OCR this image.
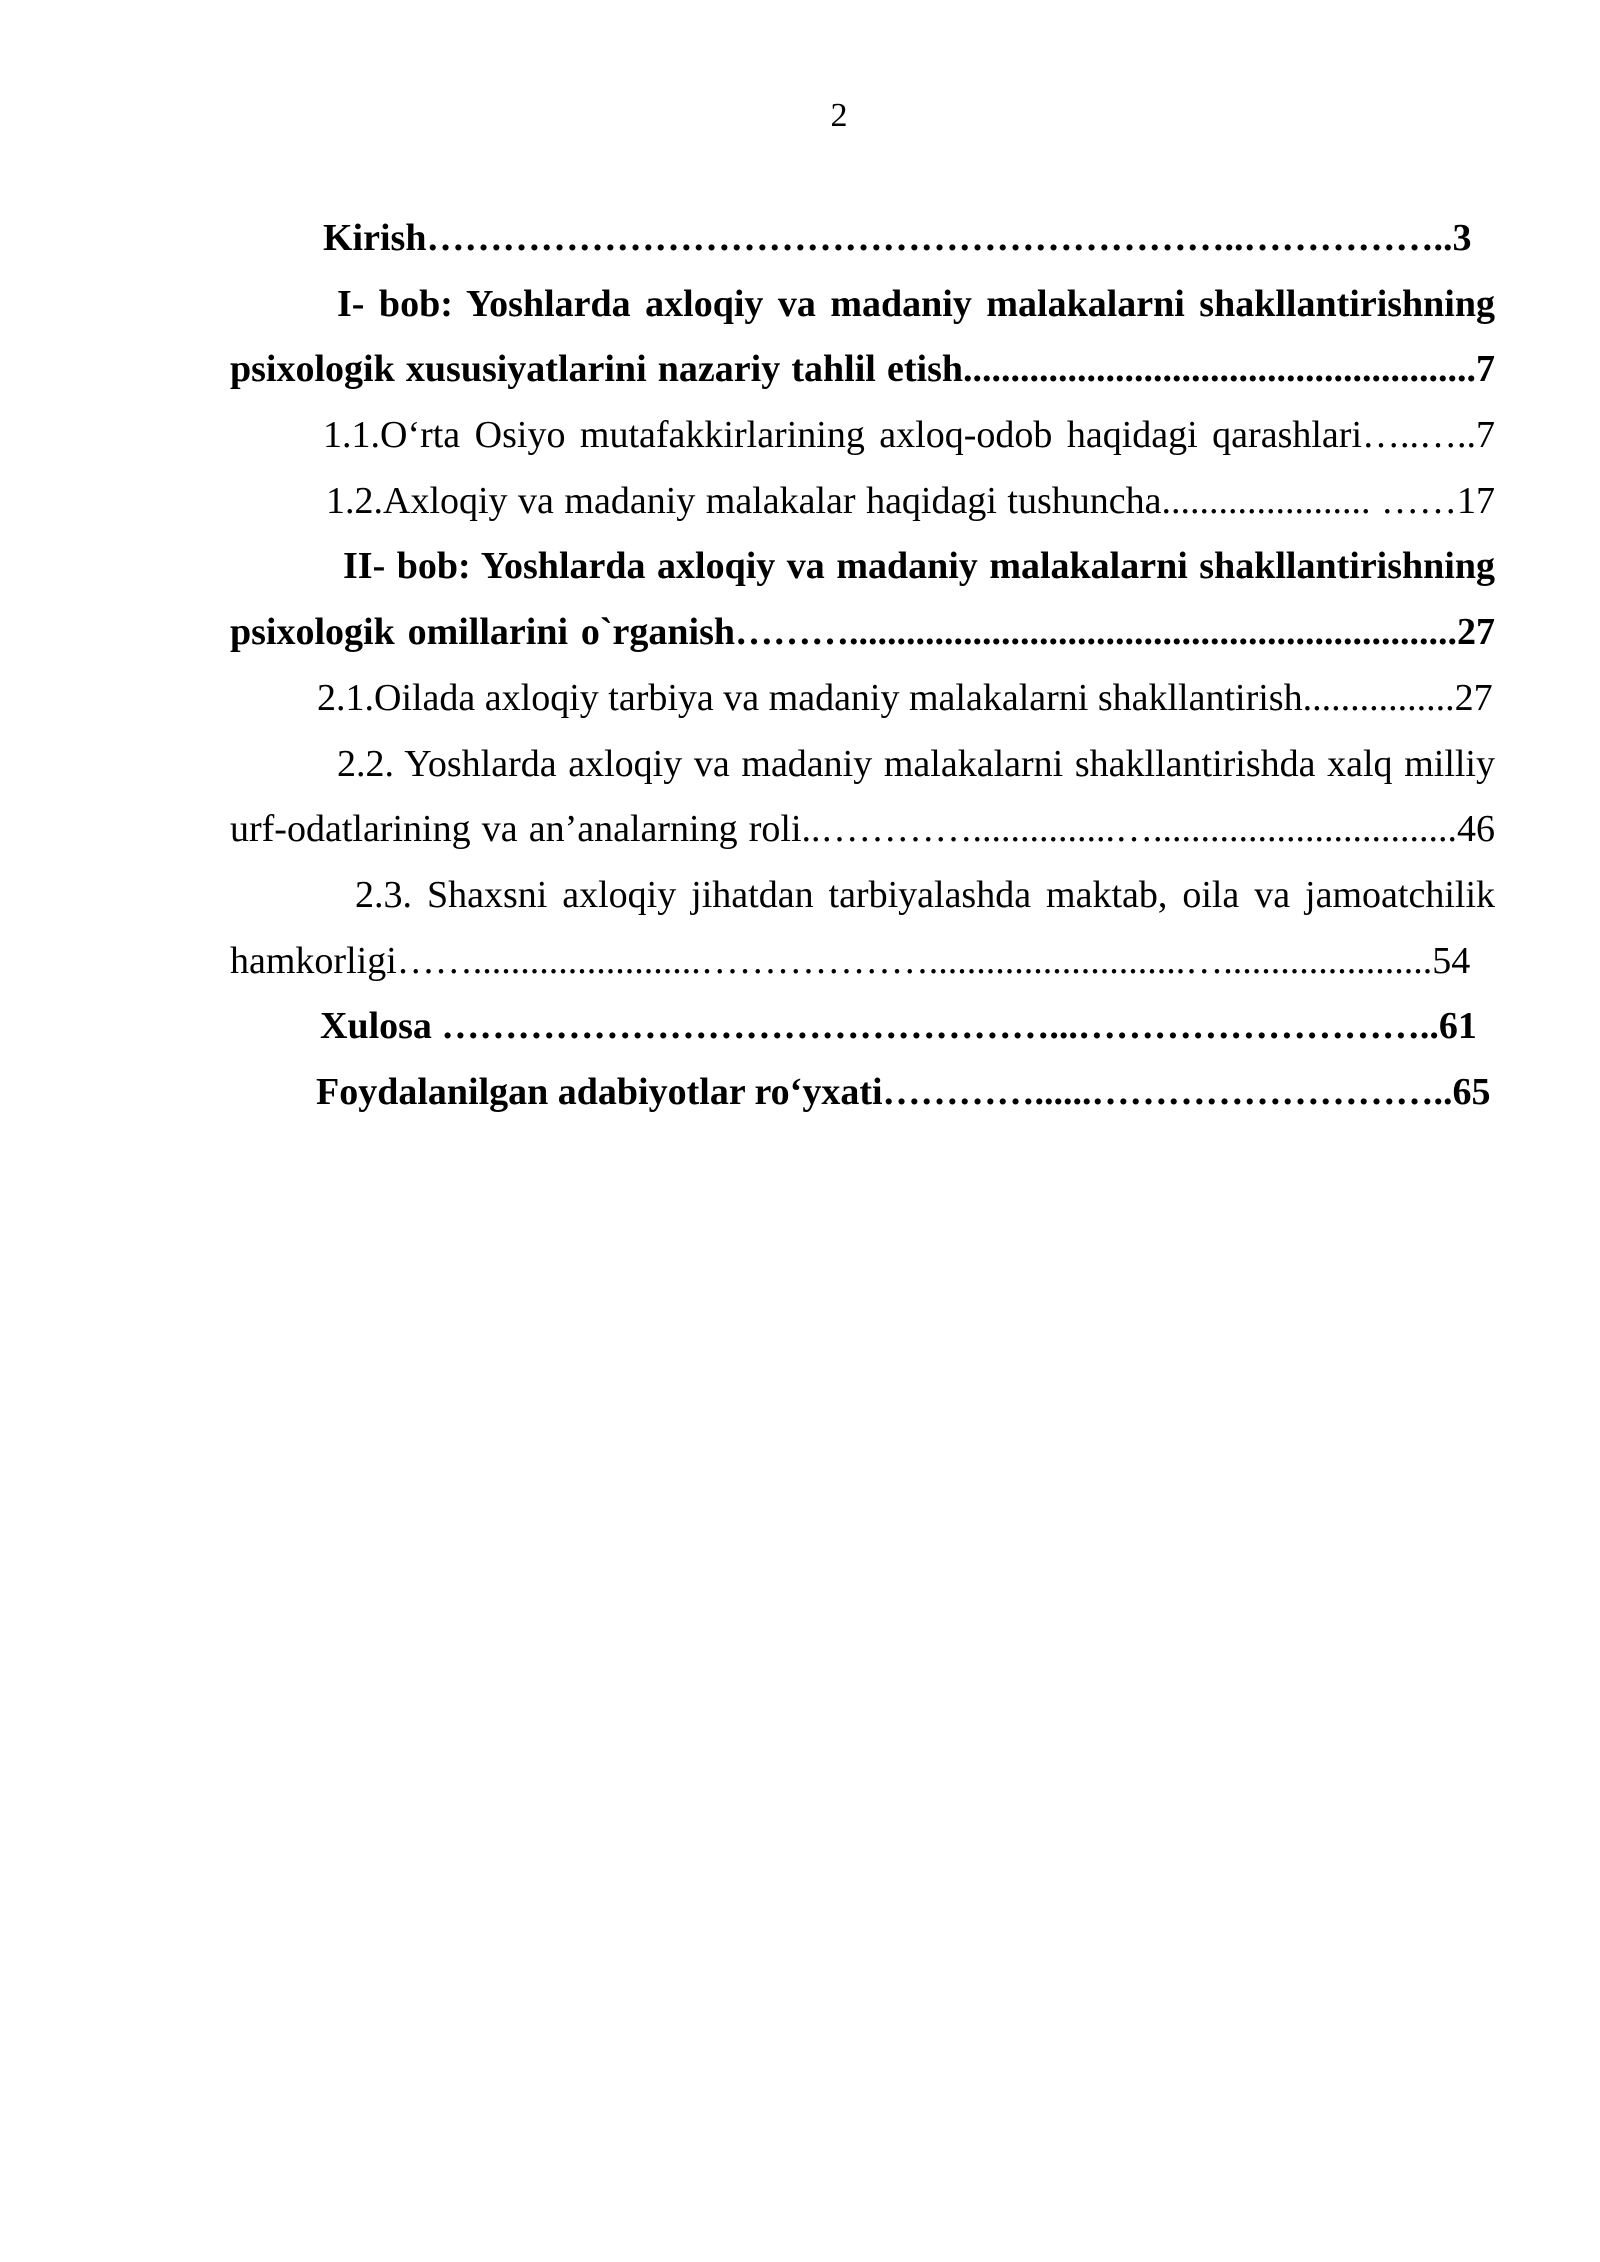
2
Kirish………………………………………………………..……………..3
I- bob: Yoshlarda axloqiy va madaniy malakalarni shakllantirishning
psixologik xususiyatlarini nazariy tahlil etish......................................................7
1.1.O‘rta Osiyo mutafakkirlarining axloq-odob haqidagi qarashlari…..…..7
1.2.Axloqiy va madaniy malakalar haqidagi tushuncha...................... ……17
II- bob: Yoshlarda axloqiy va madaniy malakalarni shakllantirishning
psixologik omillarini o`rganish………................................................................27
2.1.Oilada axloqiy tarbiya va madaniy malakalarni shakllantirish................27
2.2. Yoshlarda axloqiy va madaniy malakalarni shakllantirishda xalq milliy
urf-odatlarining va an’analarning roli..…………...............…................................46
2.3. Shaxsni axloqiy jihatdan tarbiyalashda maktab, oila va jamoatchilik
hamkorligi……........................………………...........................…......................54
Xulosa …………………………………………...………………………..61
Foydalanilgan adabiyotlar ro‘yxati…………......………………………..65
